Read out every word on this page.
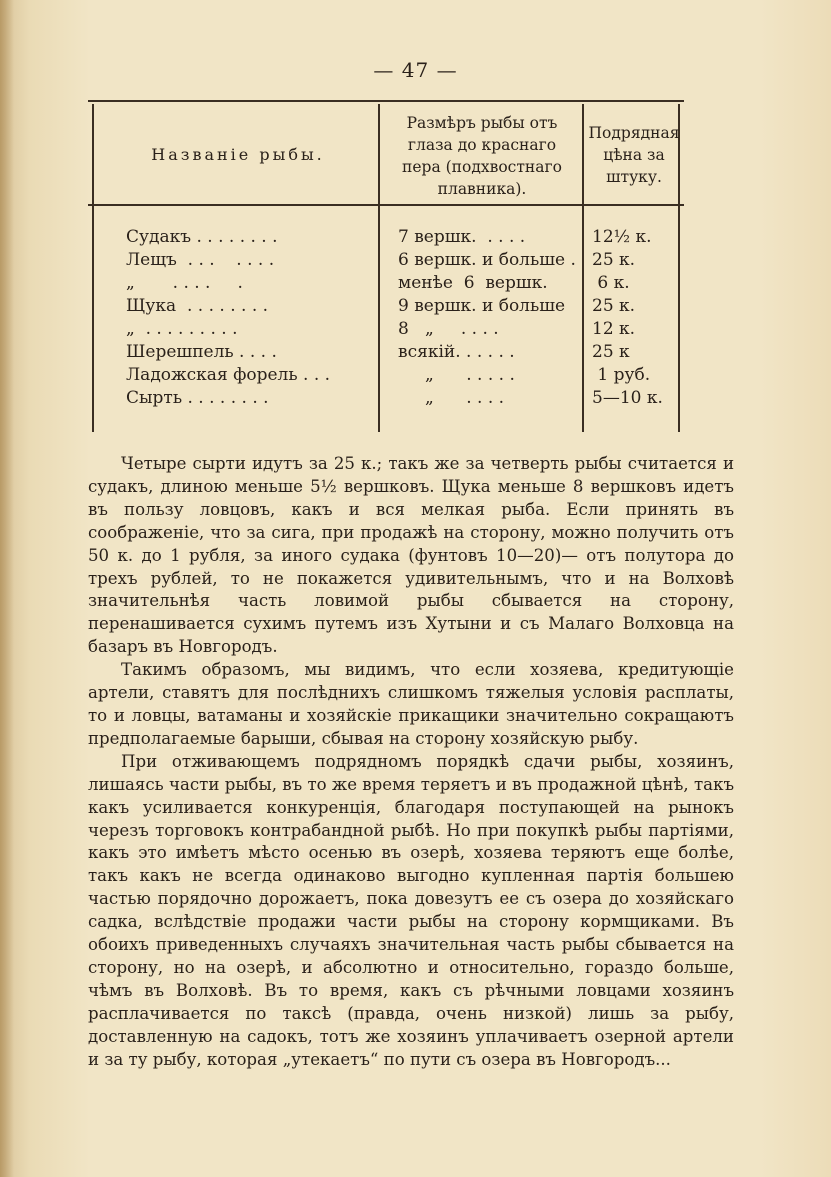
— 47 —
Названіе рыбы.
Размѣръ рыбы отъ
глаза до краснаго
пера (подхвостнаго
плавника).
Подрядная
цѣна за
штуку.
Судакъ . . . . . . . .	7 вершк.  . . . .	12½ к.
Лещъ  . . .    . . . .	6 вершк. и больше . 25 к.
„       . . . .     .	менѣе  6  вершк.	6 к.
Щука  . . . . . . . .	9 вершк. и больше	25 к.
„  . . . . . . . . .	8   „     . . . .	12 к.
Шерешпель . . . .	всякій. . . . . .	25 к
Ладожская форель . . .	„      . . . . .	1 руб.
Сырть . . . . . . . .	„      . . . .	5—10 к.

Четыре сырти идутъ за 25 к.; такъ же за четверть рыбы считается и судакъ, длиною меньше 5½ вершковъ. Щука меньше 8 вершковъ идетъ въ пользу ловцовъ, какъ и вся мелкая рыба. Если принять въ соображеніе, что за сига, при продажѣ на сторону, можно получить отъ 50 к. до 1 рубля, за иного судака (фунтовъ 10—20)— отъ полутора до трехъ рублей, то не покажется удивительнымъ, что и на Волховѣ значительнѣя часть ловимой рыбы сбывается на сторону, перенашивается сухимъ путемъ изъ Хутыни и съ Малаго Волховца на базаръ въ Новгородъ.

Такимъ образомъ, мы видимъ, что если хозяева, кредитующіе артели, ставятъ для послѣднихъ слишкомъ тяжелыя условія расплаты, то и ловцы, ватаманы и хозяйскіе прикащики значительно сокращаютъ предполагаемые барыши, сбывая на сторону хозяйскую рыбу.

При отживающемъ подрядномъ порядкѣ сдачи рыбы, хозяинъ, лишаясь части рыбы, въ то же время теряетъ и въ продажной цѣнѣ, такъ какъ усиливается конкуренція, благодаря поступающей на рынокъ черезъ торговокъ контрабандной рыбѣ. Но при покупкѣ рыбы партіями, какъ это имѣетъ мѣсто осенью въ озерѣ, хозяева теряютъ еще болѣе, такъ какъ не всегда одинаково выгодно купленная партія большею частью порядочно дорожаетъ, пока довезутъ ее съ озера до хозяйскаго садка, вслѣдствіе продажи части рыбы на сторону кормщиками. Въ обоихъ приведенныхъ случаяхъ значительная часть рыбы сбывается на сторону, но на озерѣ, и абсолютно и относительно, гораздо больше, чѣмъ въ Волховѣ. Въ то время, какъ съ рѣчными ловцами хозяинъ расплачивается по таксѣ (правда, очень низкой) лишь за рыбу, доставленную на садокъ, тотъ же хозяинъ уплачиваетъ озерной артели и за ту рыбу, которая „утекаетъ“ по пути съ озера въ Новгородъ...
